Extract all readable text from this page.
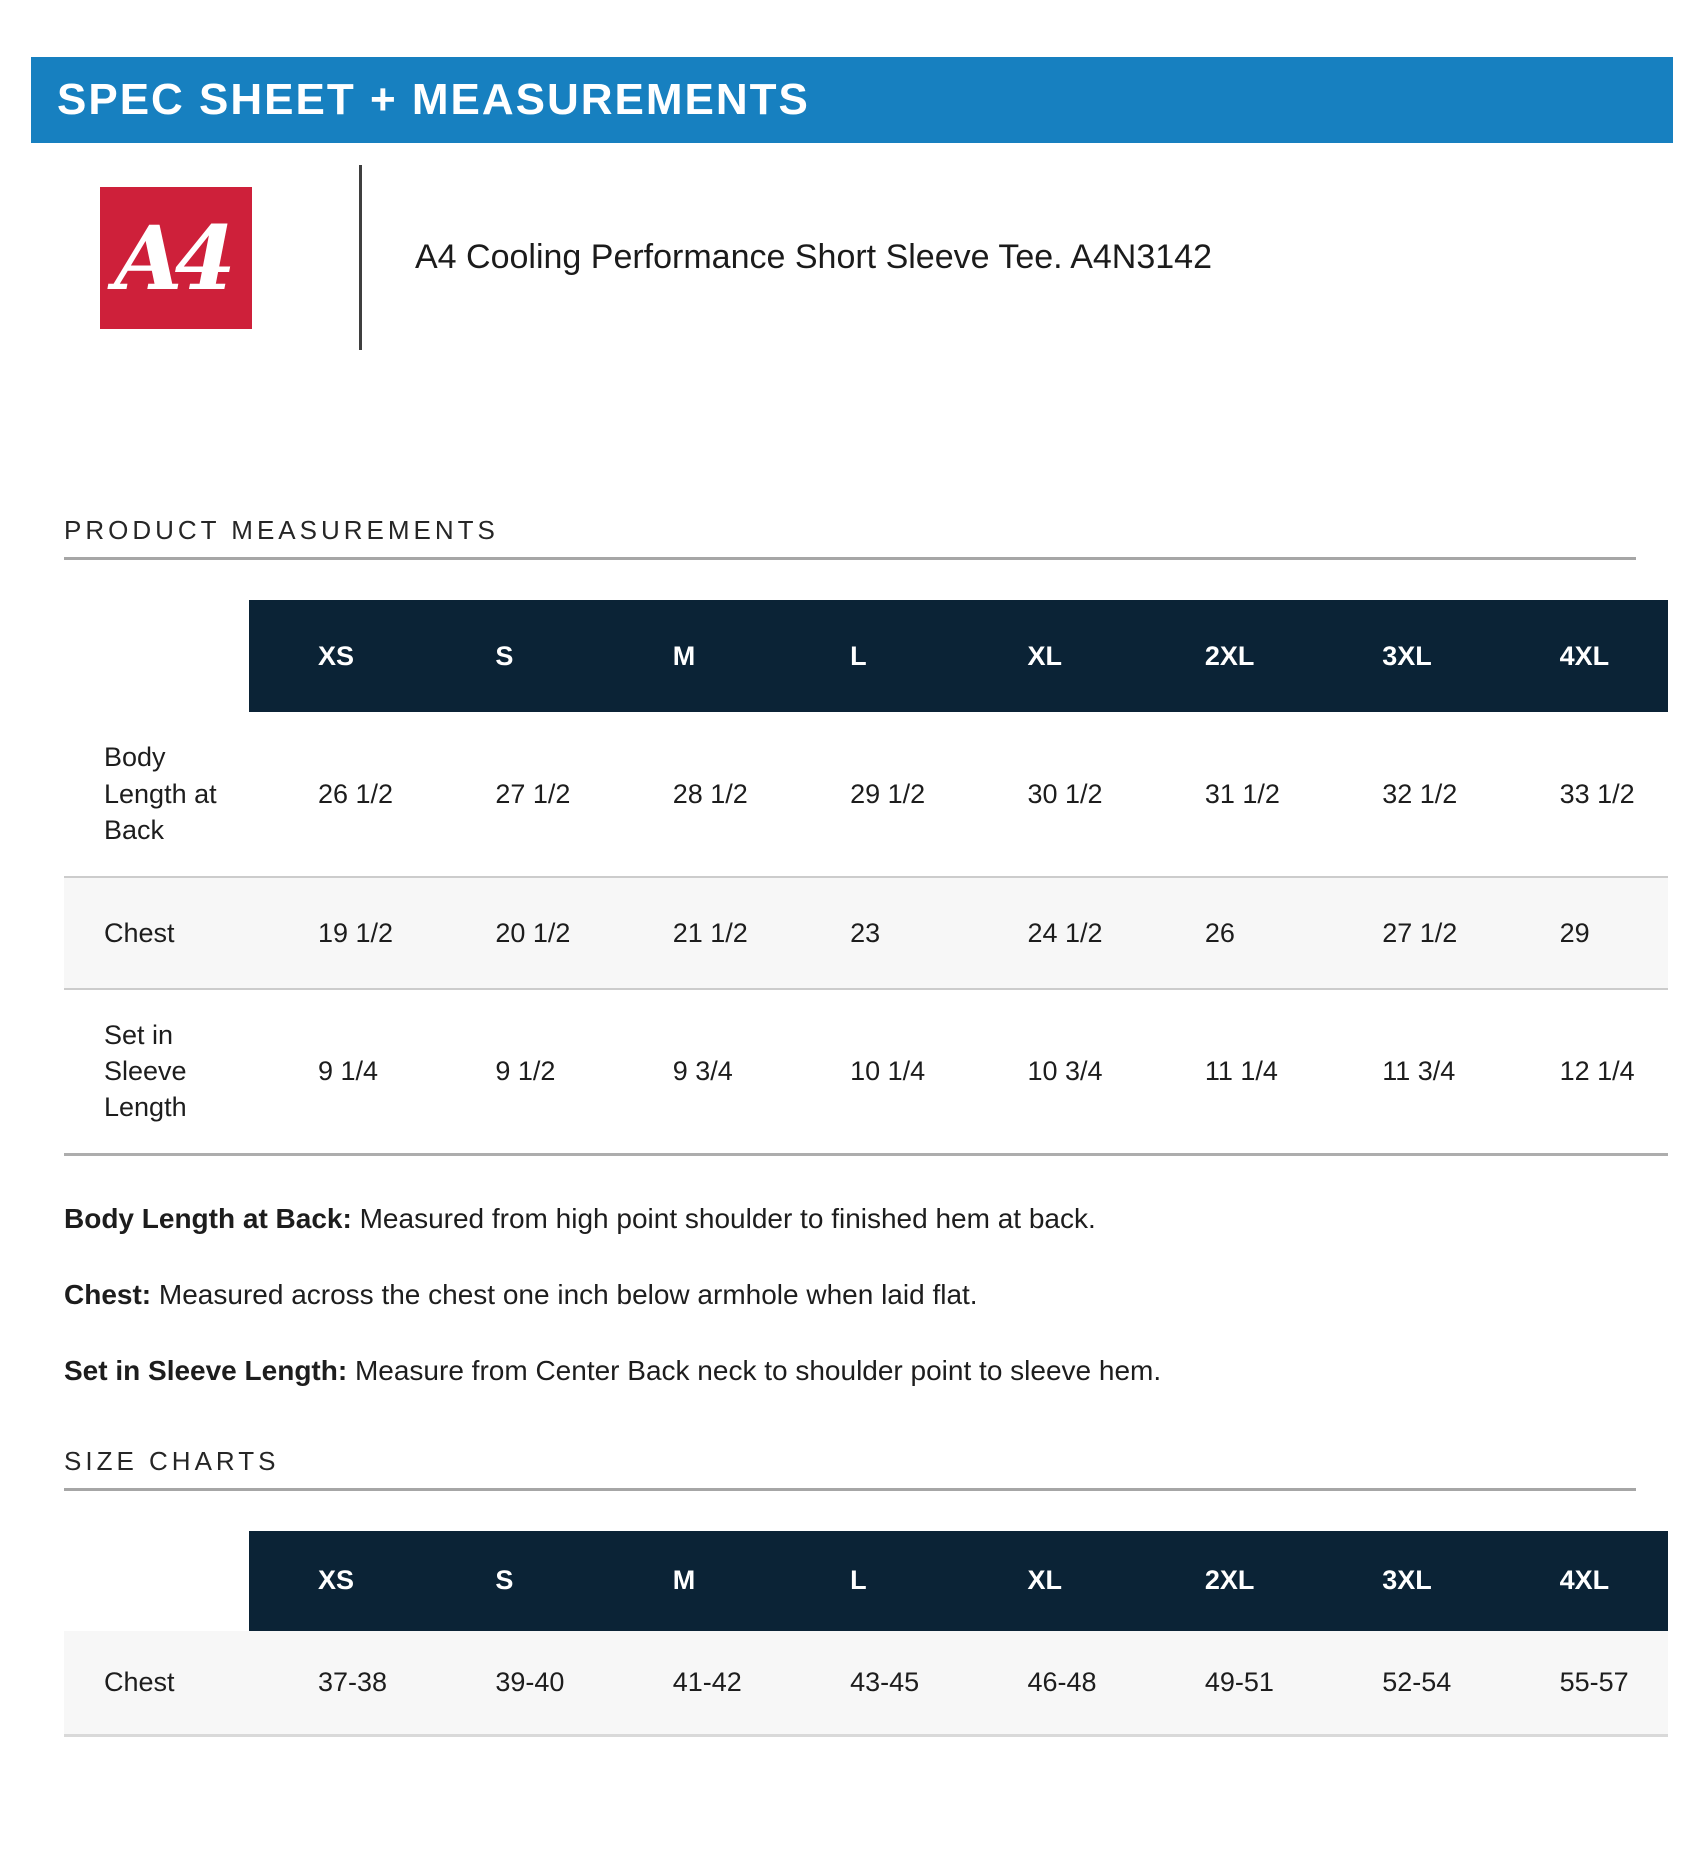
SPEC SHEET + MEASUREMENTS
A4	A4 Cooling Performance Short Sleeve Tee. A4N3142
PRODUCT MEASUREMENTS
	XS	S	M	L	XL	2XL	3XL	4XL
Body Length at Back	26 1/2	27 1/2	28 1/2	29 1/2	30 1/2	31 1/2	32 1/2	33 1/2
Chest	19 1/2	20 1/2	21 1/2	23	24 1/2	26	27 1/2	29
Set in Sleeve Length	9 1/4	9 1/2	9 3/4	10 1/4	10 3/4	11 1/4	11 3/4	12 1/4

Body Length at Back: Measured from high point shoulder to finished hem at back.

Chest: Measured across the chest one inch below armhole when laid flat.

Set in Sleeve Length: Measure from Center Back neck to shoulder point to sleeve hem.

SIZE CHARTS
	XS	S	M	L	XL	2XL	3XL	4XL
Chest	37-38	39-40	41-42	43-45	46-48	49-51	52-54	55-57
